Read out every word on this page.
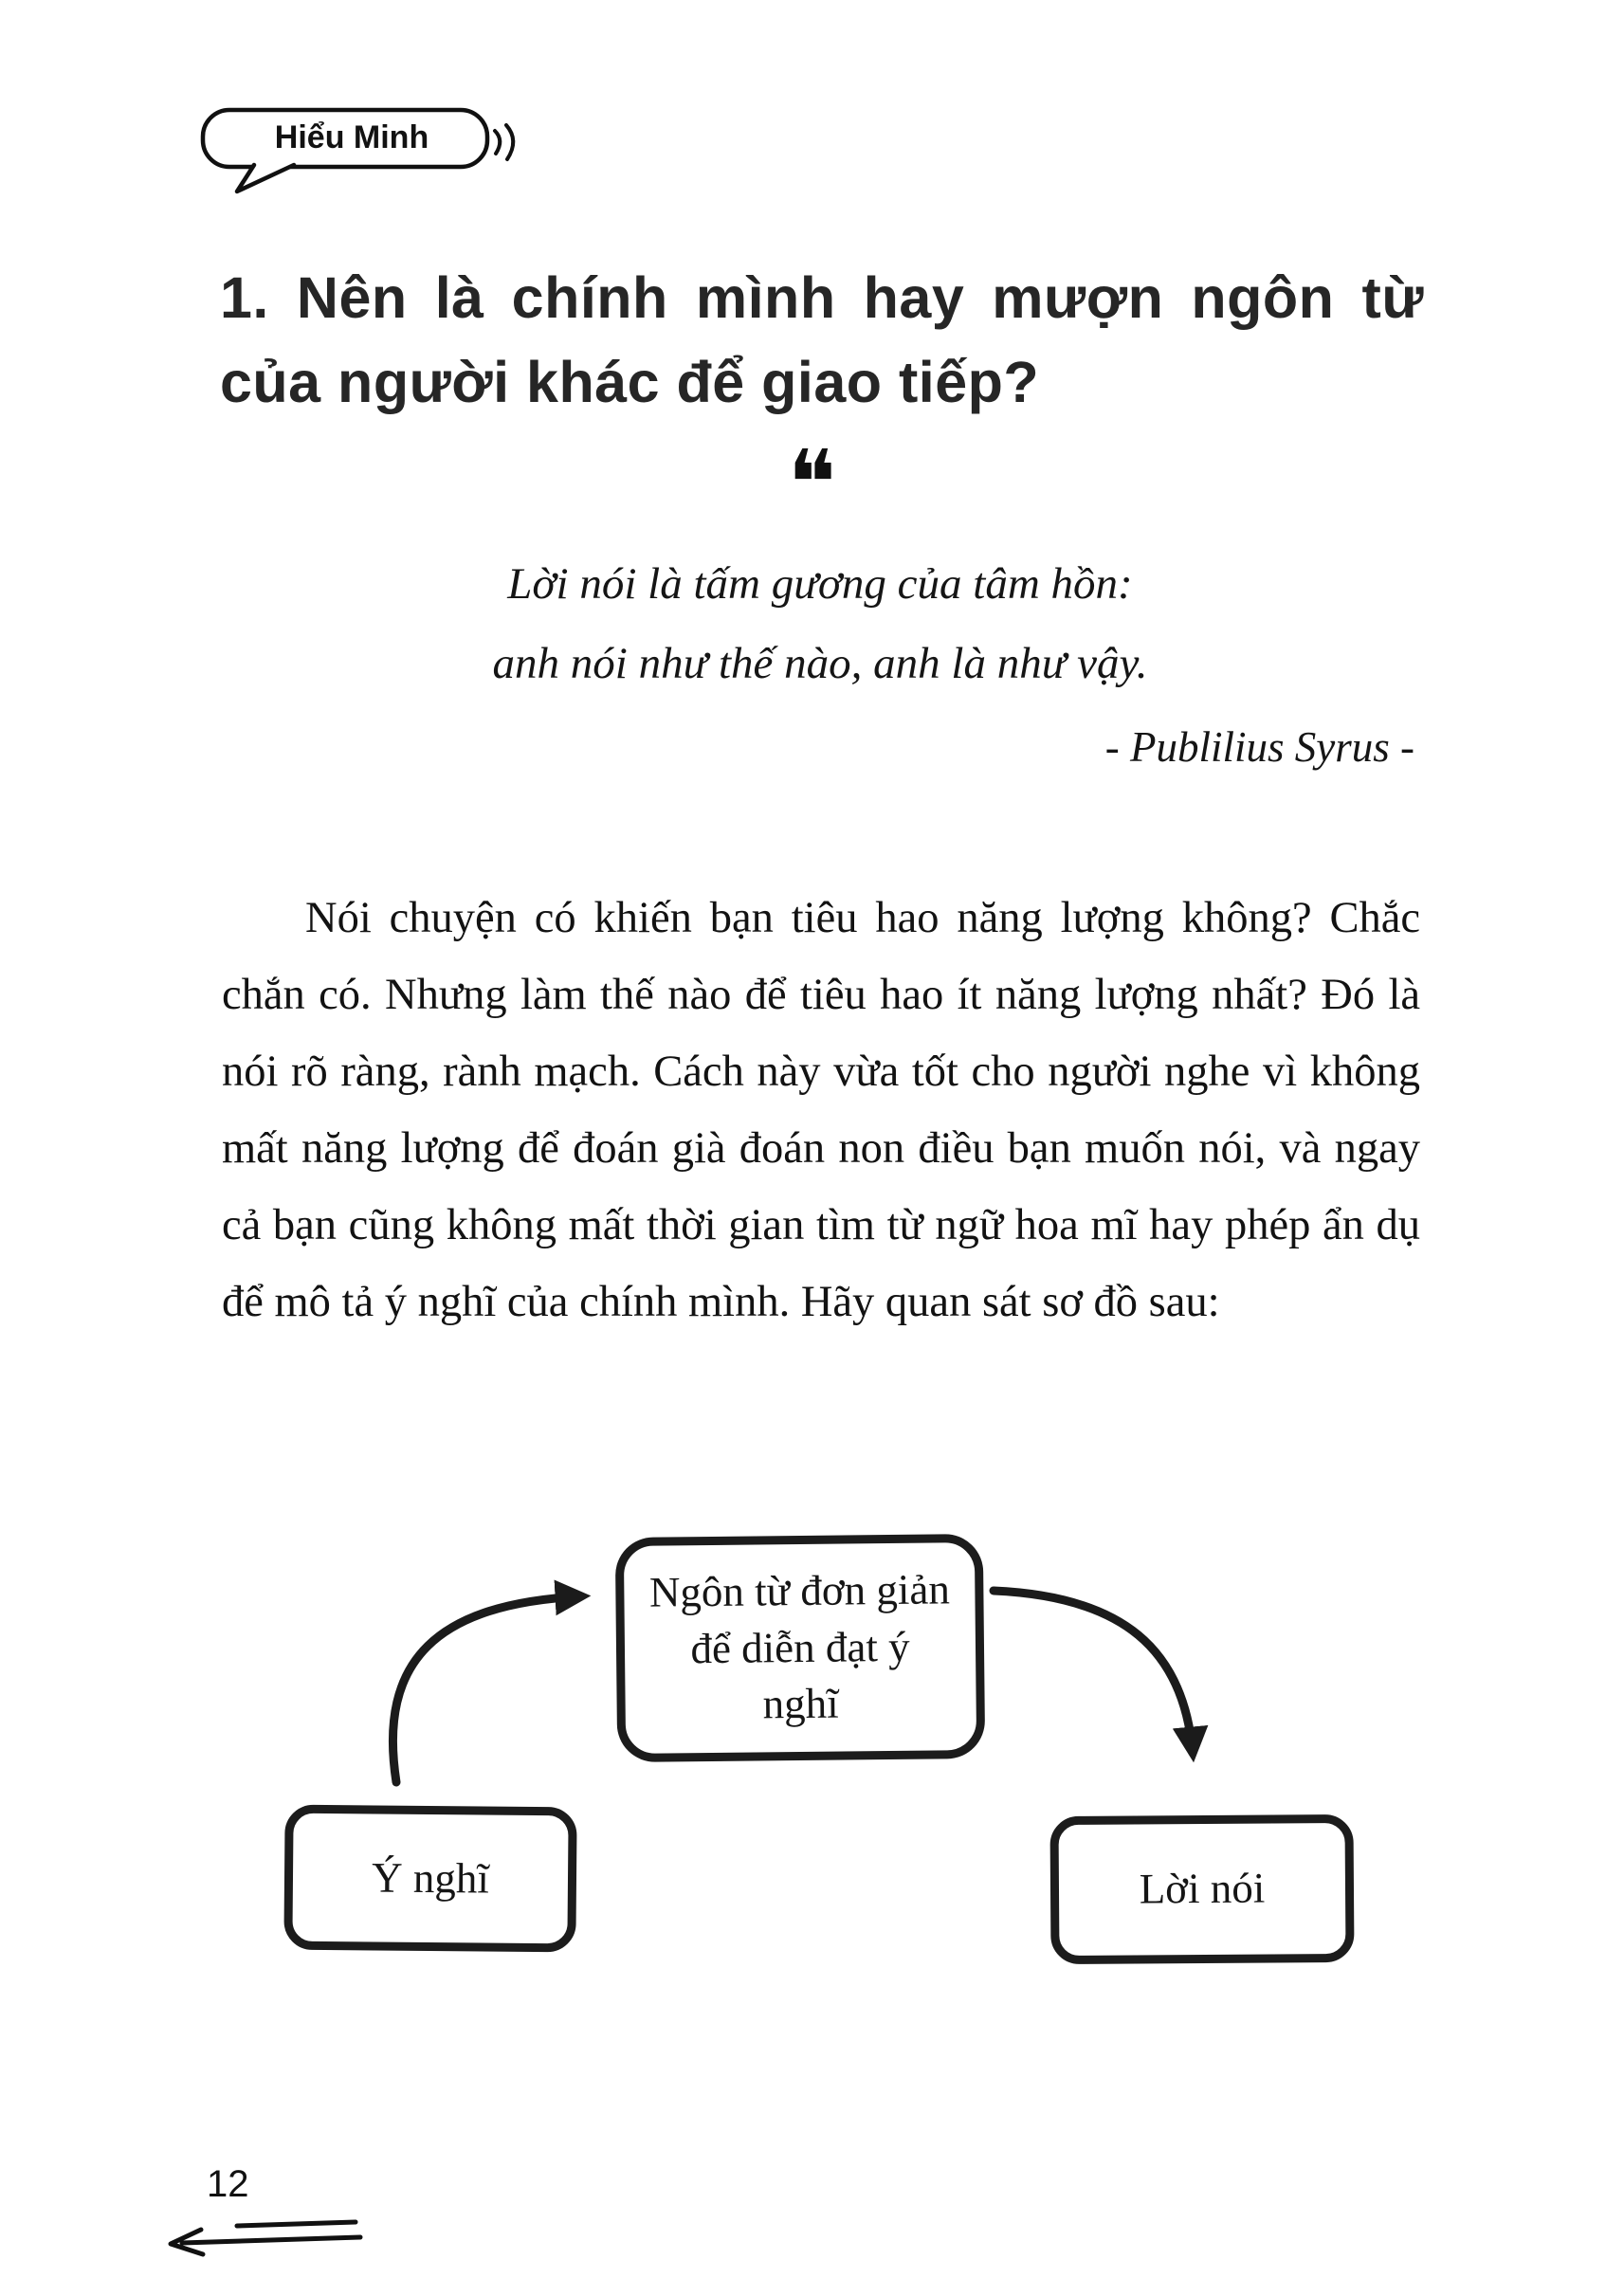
Hiểu Minh
1. Nên là chính mình hay mượn ngôn từ
của người khác để giao tiếp?
❝
Lời nói là tấm gương của tâm hồn:
anh nói như thế nào, anh là như vậy.
- Publilius Syrus -
Nói chuyện có khiến bạn tiêu hao năng lượng không? Chắc chắn có. Nhưng làm thế nào để tiêu hao ít năng lượng nhất? Đó là nói rõ ràng, rành mạch. Cách này vừa tốt cho người nghe vì không mất năng lượng để đoán già đoán non điều bạn muốn nói, và ngay cả bạn cũng không mất thời gian tìm từ ngữ hoa mĩ hay phép ẩn dụ để mô tả ý nghĩ của chính mình. Hãy quan sát sơ đồ sau:
Ngôn từ đơn giản để diễn đạt ý nghĩ
Ý nghĩ	Lời nói
12
